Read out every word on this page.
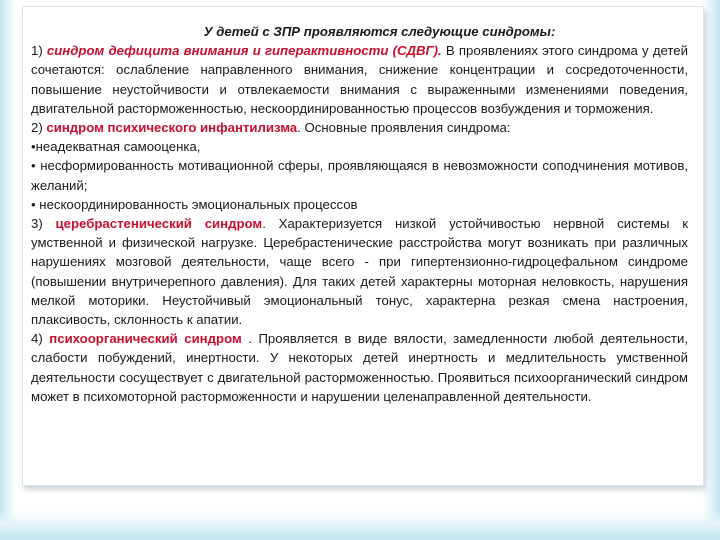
У детей с ЗПР проявляются следующие синдромы:
1) синдром дефицита внимания и гиперактивности (СДВГ). В проявлениях этого синдрома у детей сочетаются: ослабление направленного внимания, снижение концентрации и сосредоточенности, повышение неустойчивости и отвлекаемости внимания с выраженными изменениями поведения, двигательной расторможенностью, нескоординированностью процессов возбуждения и торможения.
2) синдром психического инфантилизма. Основные проявления синдрома:
•неадекватная самооценка,
• несформированность мотивационной сферы, проявляющаяся в невозможности соподчинения мотивов, желаний;
• нескоординированность эмоциональных процессов
3) церебрастенический синдром. Характеризуется низкой устойчивостью нервной системы к умственной и физической нагрузке. Церебрастенические расстройства могут возникать при различных нарушениях мозговой деятельности, чаще всего - при гипертензионно-гидроцефальном синдроме (повышении внутричерепного давления). Для таких детей характерны моторная неловкость, нарушения мелкой моторики. Неустойчивый эмоциональный тонус, характерна резкая смена настроения, плаксивость, склонность к апатии.
4) психоорганический синдром . Проявляется в виде вялости, замедленности любой деятельности, слабости побуждений, инертности. У некоторых детей инертность и медлительность умственной деятельности сосуществует с двигательной расторможенностью. Проявиться психоорганический синдром может в психомоторной расторможенности и нарушении целенаправленной деятельности.
